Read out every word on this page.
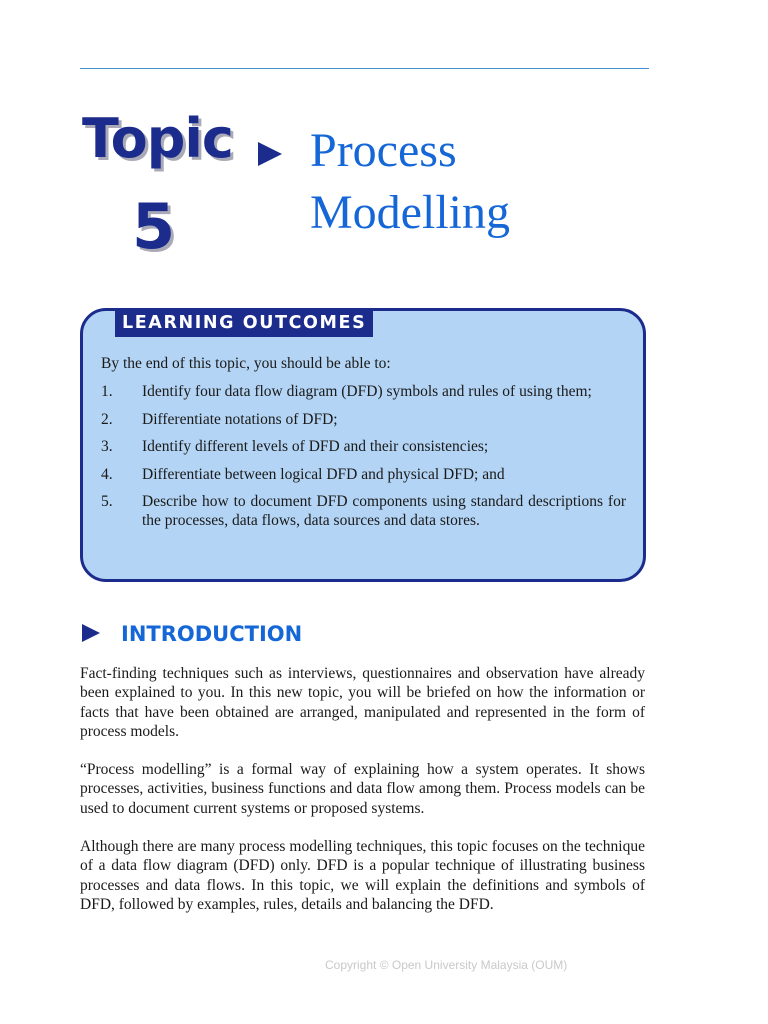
Topic
5
Process
Modelling
LEARNING OUTCOMES
By the end of this topic, you should be able to:
1.	Identify four data flow diagram (DFD) symbols and rules of using them;
2.	Differentiate notations of DFD;
3.	Identify different levels of DFD and their consistencies;
4.	Differentiate between logical DFD and physical DFD; and
5.	Describe how to document DFD components using standard descriptions for the processes, data flows, data sources and data stores.
INTRODUCTION

Fact-finding techniques such as interviews, questionnaires and observation have already been explained to you. In this new topic, you will be briefed on how the information or facts that have been obtained are arranged, manipulated and represented in the form of process models.

“Process modelling” is a formal way of explaining how a system operates. It shows processes, activities, business functions and data flow among them. Process models can be used to document current systems or proposed systems.

Although there are many process modelling techniques, this topic focuses on the technique of a data flow diagram (DFD) only. DFD is a popular technique of illustrating business processes and data flows. In this topic, we will explain the definitions and symbols of DFD, followed by examples, rules, details and balancing the DFD.

Copyright © Open University Malaysia (OUM)
